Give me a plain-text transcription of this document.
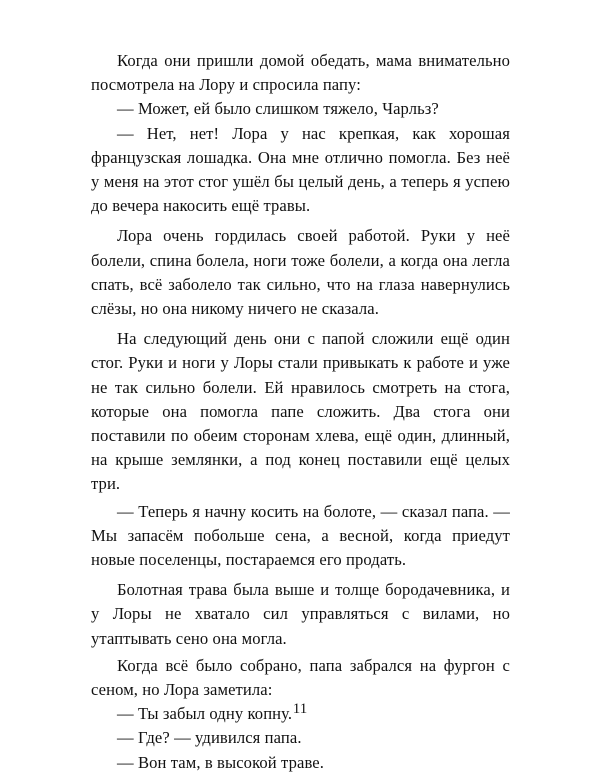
Когда они пришли домой обедать, мама внимательно посмотрела на Лору и спросила папу:

— Может, ей было слишком тяжело, Чарльз?

— Нет, нет! Лора у нас крепкая, как хорошая французская лошадка. Она мне отлично помогла. Без неё у меня на этот стог ушёл бы целый день, а теперь я успею до вечера накосить ещё травы.

Лора очень гордилась своей работой. Руки у неё болели, спина болела, ноги тоже болели, а когда она легла спать, всё заболело так сильно, что на глаза навернулись слёзы, но она никому ничего не сказала.

На следующий день они с папой сложили ещё один стог. Руки и ноги у Лоры стали привыкать к работе и уже не так сильно болели. Ей нравилось смотреть на стога, которые она помогла папе сложить. Два стога они поставили по обеим сторонам хлева, ещё один, длинный, на крыше землянки, а под конец поставили ещё целых три.

— Теперь я начну косить на болоте, — сказал папа. — Мы запасём побольше сена, а весной, когда приедут новые поселенцы, постараемся его продать.

Болотная трава была выше и толще бородачевника, и у Лоры не хватало сил управляться с вилами, но утаптывать сено она могла.

Когда всё было собрано, папа забрался на фургон с сеном, но Лора заметила:

— Ты забыл одну копну.

— Где? — удивился папа.

— Вон там, в высокой траве.

11
